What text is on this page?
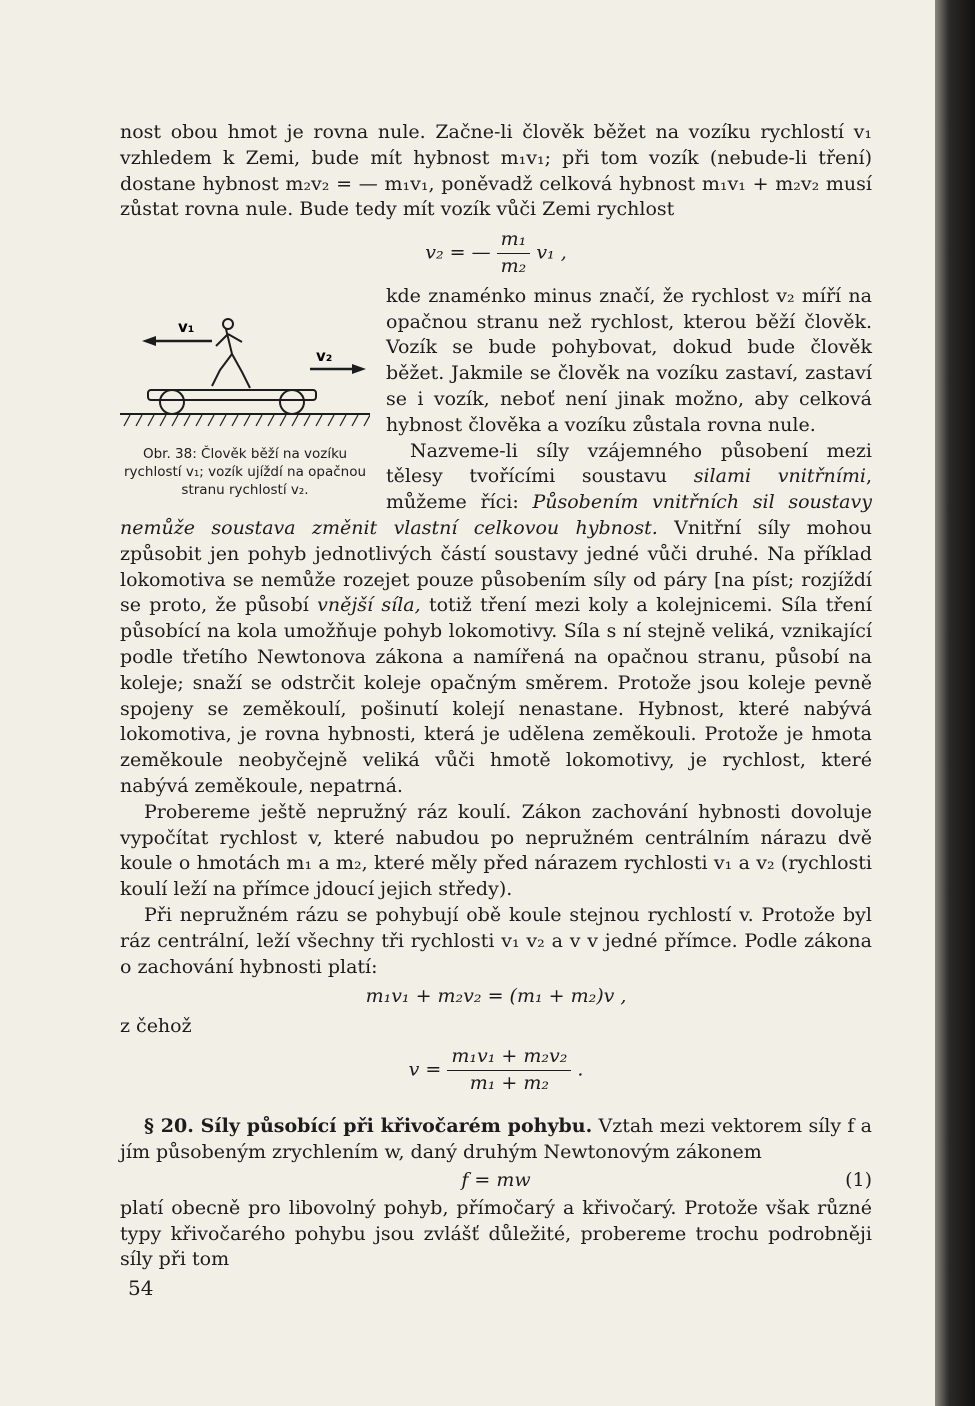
nost obou hmot je rovna nule. Začne-li člověk běžet na vozíku rychlostí v₁ vzhledem k Zemi, bude mít hybnost m₁v₁; při tom vozík (nebude-li tření) dostane hybnost m₂v₂ = — m₁v₁, poněvadž celková hybnost m₁v₁ + m₂v₂ musí zůstat rovna nule. Bude tedy mít vozík vůči Zemi rychlost

v₂ = — $\frac{\text{m₁}}{\text{m₂}} v_1$ ,

v₁
v₂
Obr. 38: Člověk běží na vozíku rychlostí v₁; vozík ujíždí na opačnou stranu rychlostí v₂.
kde znaménko minus značí, že rychlost v₂ míří na opačnou stranu než rychlost, kterou běží člověk. Vozík se bude pohybovat, dokud bude člověk běžet. Jakmile se člověk na vozíku zastaví, zastaví se i vozík, neboť není jinak možno, aby celková hybnost člověka a vozíku zůstala rovna nule.

Nazveme-li síly vzájemného působení mezi tělesy tvořícími soustavu silami vnitřními, můžeme říci: Působením vnitřních sil soustavy nemůže soustava změnit vlastní celkovou hybnost. Vnitřní síly mohou způsobit jen pohyb jednotlivých částí soustavy jedné vůči druhé. Na příklad lokomotiva se nemůže rozejet pouze působením síly od páry [na píst; rozjíždí se proto, že působí vnější síla, totiž tření mezi koly a kolejnicemi. Síla tření působící na kola umožňuje pohyb lokomotivy. Síla s ní stejně veliká, vznikající podle třetího Newtonova zákona a namířená na opačnou stranu, působí na koleje; snaží se odstrčit koleje opačným směrem. Protože jsou koleje pevně spojeny se zeměkoulí, pošinutí kolejí nenastane. Hybnost, které nabývá lokomotiva, je rovna hybnosti, která je udělena zeměkouli. Protože je hmota zeměkoule neobyčejně veliká vůči hmotě lokomotivy, je rychlost, které nabývá zeměkoule, nepatrná.

Probereme ještě nepružný ráz koulí. Zákon zachování hybnosti dovoluje vypočítat rychlost v, které nabudou po nepružném centrálním nárazu dvě koule o hmotách m₁ a m₂, které měly před nárazem rychlosti v₁ a v₂ (rychlosti koulí leží na přímce jdoucí jejich středy).

Při nepružném rázu se pohybují obě koule stejnou rychlostí v. Protože byl ráz centrální, leží všechny tři rychlosti v₁ v₂ a v v jedné přímce. Podle zákona o zachování hybnosti platí:

m₁v₁ + m₂v₂ = (m₁ + m₂)v ,

z čehož

$v = \frac{\text{m₁v₁ + m₂v₂}}{\text{m₁ + m₂}}$ .

§ 20. Síly působící při křivočarém pohybu. Vztah mezi vektorem síly f a jím působeným zrychlením w, daný druhým Newtonovým zákonem

f = mw	(1)

platí obecně pro libovolný pohyb, přímočarý a křivočarý. Protože však různé typy křivočarého pohybu jsou zvlášť důležité, probereme trochu podrobněji síly při tom

54
